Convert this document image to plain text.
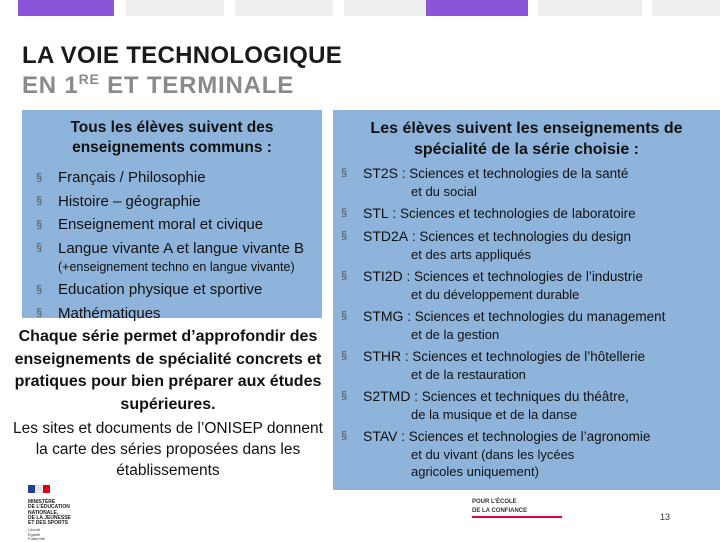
LA VOIE TECHNOLOGIQUE
EN 1RE ET TERMINALE
Tous les élèves suivent des enseignements communs :
§	Français / Philosophie
§	Histoire – géographie
§	Enseignement moral et civique
§	Langue vivante A et langue vivante B
(+enseignement techno en langue vivante)
§	Education physique et sportive
§	Mathématiques
Les élèves suivent les enseignements de spécialité de la série choisie :
§	ST2S : Sciences et technologies de la santé
et du social
§	STL : Sciences et technologies de laboratoire
§	STD2A : Sciences et technologies du design
et des arts appliqués
§	STI2D : Sciences et technologies de l’industrie
et du développement durable
§	STMG : Sciences et technologies du management
et de la gestion
§	STHR : Sciences et technologies de l’hôtellerie
et de la restauration
§	S2TMD : Sciences et techniques du théâtre,
de la musique et de la danse
§	STAV : Sciences et technologies de l’agronomie
et du vivant (dans les lycées agricoles uniquement)
Chaque série permet d’approfondir des enseignements de spécialité concrets et pratiques pour bien préparer aux études supérieures.
Les sites et documents de l’ONISEP donnent la carte des séries proposées dans les établissements
MINISTÈRE
DE L’ÉDUCATION
NATIONALE,
DE LA JEUNESSE
ET DES SPORTS
Liberté
Égalité
Fraternité
POUR L’ÉCOLE
DE LA CONFIANCE
13
